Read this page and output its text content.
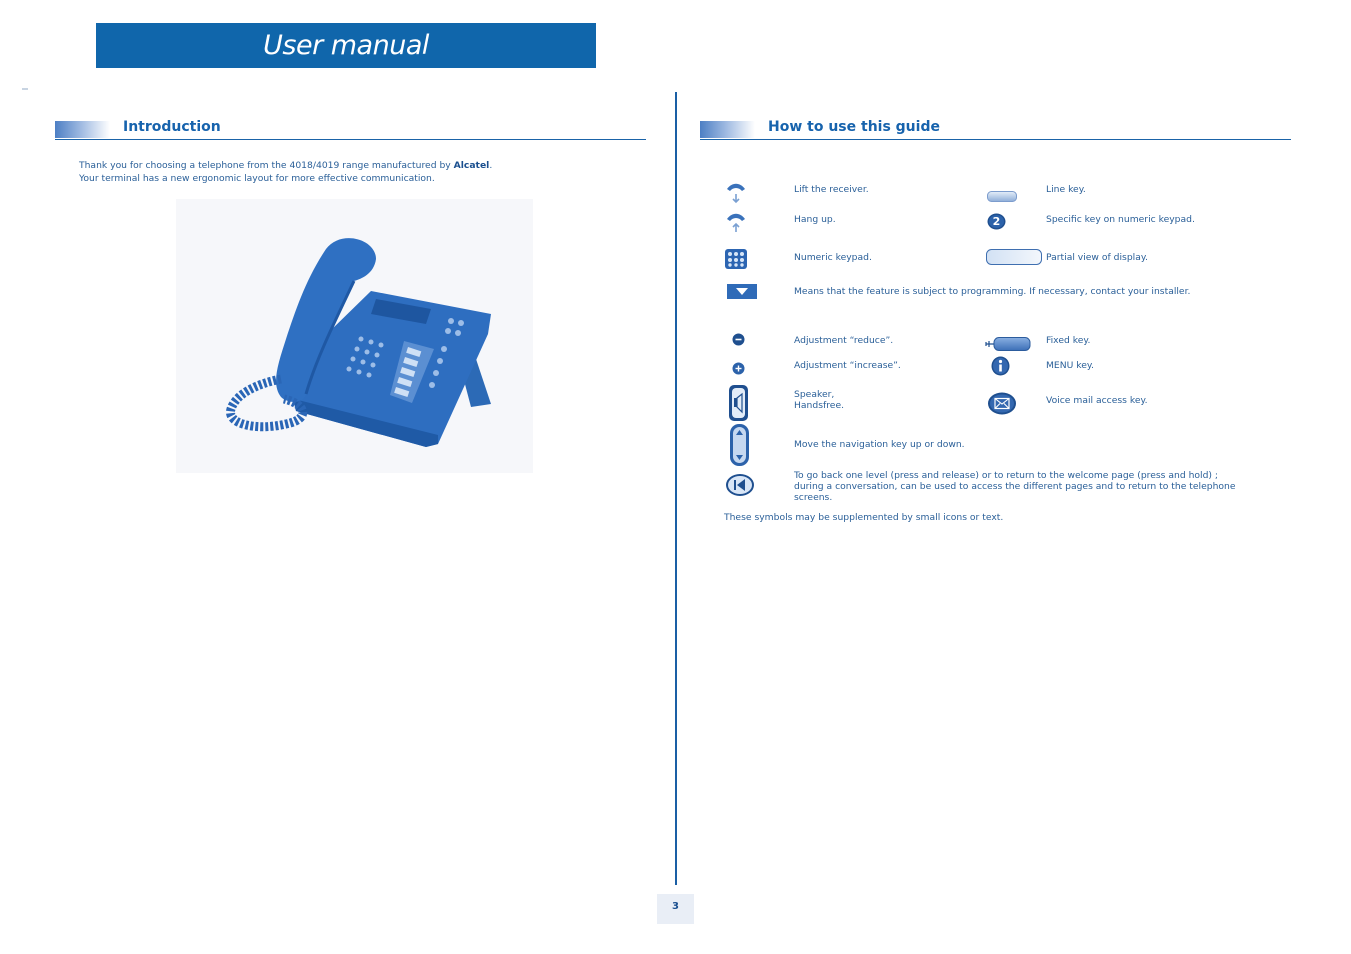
User manual
Introduction
Thank you for choosing a telephone from the 4018/4019 range manufactured by Alcatel.
Your terminal has a new ergonomic layout for more effective communication.
3
How to use this guide
Lift the receiver.
Hang up.
Numeric keypad.
Means that the feature is subject to programming. If necessary, contact your installer.
Adjustment “reduce”.
Adjustment “increase”.
Speaker,
Handsfree.
Move the navigation key up or down.
To go back one level (press and release) or to return to the welcome page (press and hold) ;
during a conversation, can be used to access the different pages and to return to the telephone
screens.
Line key.
2	Specific key on numeric keypad.
Partial view of display.
Fixed key.
MENU key.
Voice mail access key.
These symbols may be supplemented by small icons or text.
